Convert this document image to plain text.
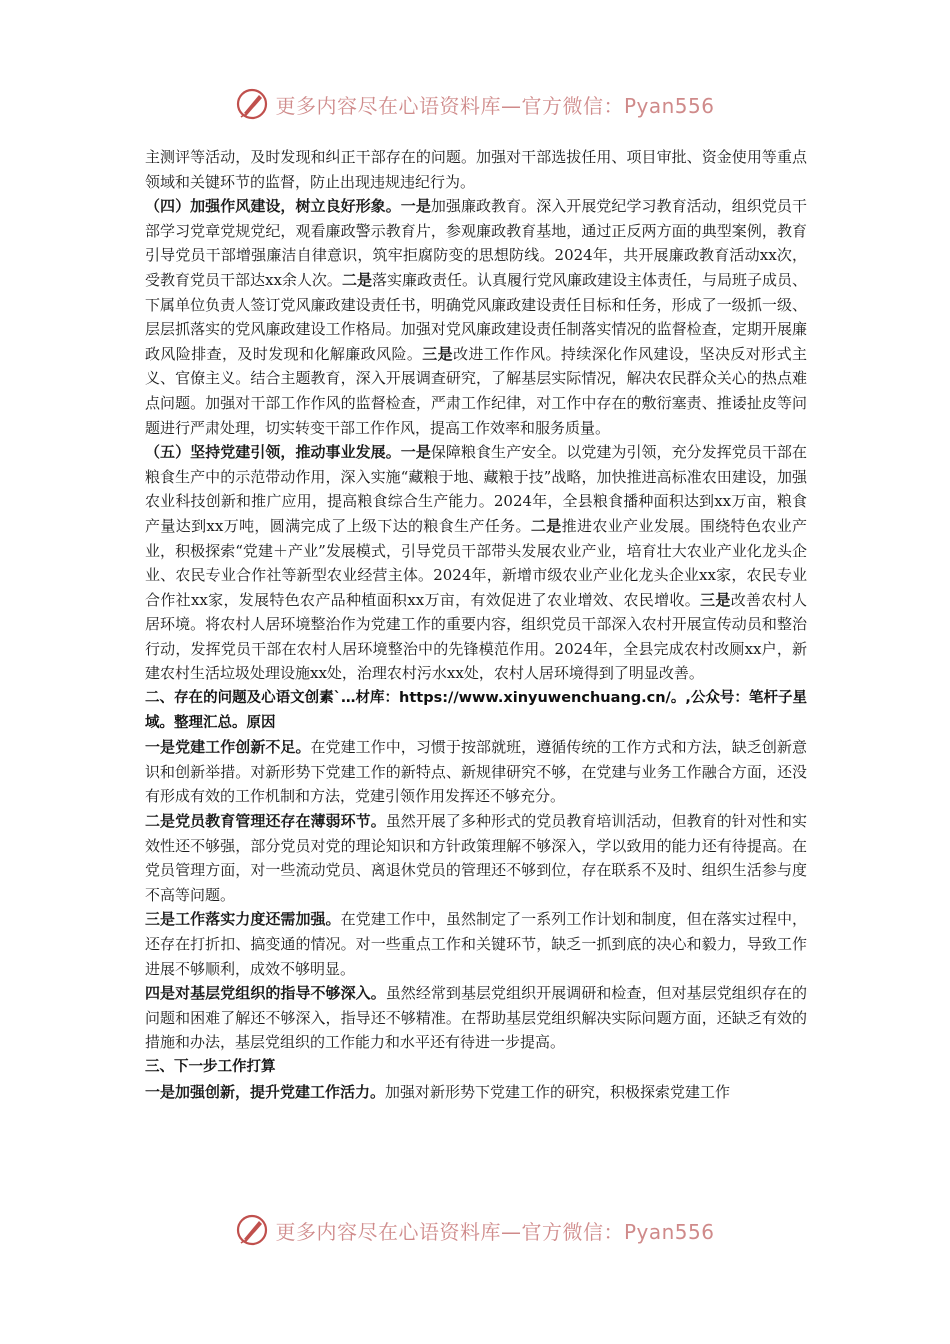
更多内容尽在心语资料库—官方微信：Pyan556

主测评等活动，及时发现和纠正干部存在的问题。加强对干部选拔任用、项目审批、资金使用等重点领域和关键环节的监督，防止出现违规违纪行为。

（四）加强作风建设，树立良好形象。一是加强廉政教育。深入开展党纪学习教育活动，组织党员干部学习党章党规党纪，观看廉政警示教育片，参观廉政教育基地，通过正反两方面的典型案例，教育引导党员干部增强廉洁自律意识，筑牢拒腐防变的思想防线。2024年，共开展廉政教育活动xx次，受教育党员干部达xx余人次。二是落实廉政责任。认真履行党风廉政建设主体责任，与局班子成员、下属单位负责人签订党风廉政建设责任书，明确党风廉政建设责任目标和任务，形成了一级抓一级、层层抓落实的党风廉政建设工作格局。加强对党风廉政建设责任制落实情况的监督检查，定期开展廉政风险排查，及时发现和化解廉政风险。三是改进工作作风。持续深化作风建设，坚决反对形式主义、官僚主义。结合主题教育，深入开展调查研究，了解基层实际情况，解决农民群众关心的热点难点问题。加强对干部工作作风的监督检查，严肃工作纪律，对工作中存在的敷衍塞责、推诿扯皮等问题进行严肃处理，切实转变干部工作作风，提高工作效率和服务质量。

（五）坚持党建引领，推动事业发展。一是保障粮食生产安全。以党建为引领，充分发挥党员干部在粮食生产中的示范带动作用，深入实施“藏粮于地、藏粮于技”战略，加快推进高标准农田建设，加强农业科技创新和推广应用，提高粮食综合生产能力。2024年，全县粮食播种面积达到xx万亩，粮食产量达到xx万吨，圆满完成了上级下达的粮食生产任务。二是推进农业产业发展。围绕特色农业产业，积极探索“党建＋产业”发展模式，引导党员干部带头发展农业产业，培育壮大农业产业化龙头企业、农民专业合作社等新型农业经营主体。2024年，新增市级农业产业化龙头企业xx家，农民专业合作社xx家，发展特色农产品种植面积xx万亩，有效促进了农业增效、农民增收。三是改善农村人居环境。将农村人居环境整治作为党建工作的重要内容，组织党员干部深入农村开展宣传动员和整治行动，发挥党员干部在农村人居环境整治中的先锋模范作用。2024年，全县完成农村改厕xx户，新建农村生活垃圾处理设施xx处，治理农村污水xx处，农村人居环境得到了明显改善。

二、存在的问题及心语文创素`…材库：https://www.xinyuwenchuang.cn/。,公众号：笔杆子星域。整理汇总。原因

一是党建工作创新不足。在党建工作中，习惯于按部就班，遵循传统的工作方式和方法，缺乏创新意识和创新举措。对新形势下党建工作的新特点、新规律研究不够，在党建与业务工作融合方面，还没有形成有效的工作机制和方法，党建引领作用发挥还不够充分。

二是党员教育管理还存在薄弱环节。虽然开展了多种形式的党员教育培训活动，但教育的针对性和实效性还不够强，部分党员对党的理论知识和方针政策理解不够深入，学以致用的能力还有待提高。在党员管理方面，对一些流动党员、离退休党员的管理还不够到位，存在联系不及时、组织生活参与度不高等问题。

三是工作落实力度还需加强。在党建工作中，虽然制定了一系列工作计划和制度，但在落实过程中，还存在打折扣、搞变通的情况。对一些重点工作和关键环节，缺乏一抓到底的决心和毅力，导致工作进展不够顺利，成效不够明显。

四是对基层党组织的指导不够深入。虽然经常到基层党组织开展调研和检查，但对基层党组织存在的问题和困难了解还不够深入，指导还不够精准。在帮助基层党组织解决实际问题方面，还缺乏有效的措施和办法，基层党组织的工作能力和水平还有待进一步提高。

三、下一步工作打算

一是加强创新，提升党建工作活力。加强对新形势下党建工作的研究，积极探索党建工作

更多内容尽在心语资料库—官方微信：Pyan556
